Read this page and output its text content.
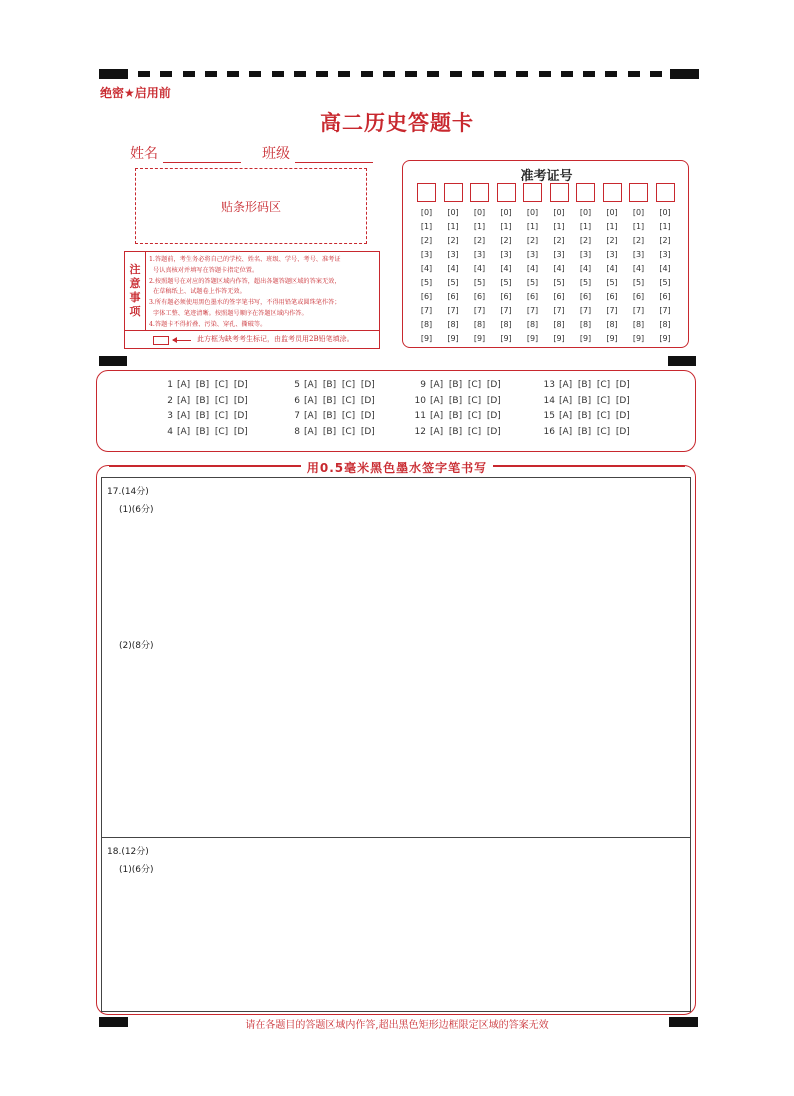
绝密★启用前
高二历史答题卡
姓名	班级
贴条形码区
注
意
事
项
1.答题前，考生务必将自己的学校、姓名、班级、学号、考号、准考证
号认真核对并填写在答题卡指定位置。
2.按照题号在对应的答题区域内作答，超出各题答题区域的答案无效，
在草稿纸上、试题卷上作答无效。
3.所有题必须使用黑色墨水的签字笔书写，不得用铅笔或圆珠笔作答；
字体工整、笔迹清晰。按照题号顺序在答题区域内作答。
4.答题卡不得折叠、污染、穿孔、撕破等。
此方框为缺考考生标记，由监考员用2B铅笔填涂。
准考证号
[0]
[1]
[2]
[3]
[4]
[5]
[6]
[7]
[8]
[9]
[0]
[1]
[2]
[3]
[4]
[5]
[6]
[7]
[8]
[9]
[0]
[1]
[2]
[3]
[4]
[5]
[6]
[7]
[8]
[9]
[0]
[1]
[2]
[3]
[4]
[5]
[6]
[7]
[8]
[9]
[0]
[1]
[2]
[3]
[4]
[5]
[6]
[7]
[8]
[9]
[0]
[1]
[2]
[3]
[4]
[5]
[6]
[7]
[8]
[9]
[0]
[1]
[2]
[3]
[4]
[5]
[6]
[7]
[8]
[9]
[0]
[1]
[2]
[3]
[4]
[5]
[6]
[7]
[8]
[9]
[0]
[1]
[2]
[3]
[4]
[5]
[6]
[7]
[8]
[9]
[0]
[1]
[2]
[3]
[4]
[5]
[6]
[7]
[8]
[9]
1 [A]  [B]  [C]  [D]
2 [A]  [B]  [C]  [D]
3 [A]  [B]  [C]  [D]
4 [A]  [B]  [C]  [D]
5 [A]  [B]  [C]  [D]
6 [A]  [B]  [C]  [D]
7 [A]  [B]  [C]  [D]
8 [A]  [B]  [C]  [D]
9 [A]  [B]  [C]  [D]
10 [A]  [B]  [C]  [D]
11 [A]  [B]  [C]  [D]
12 [A]  [B]  [C]  [D]
13 [A]  [B]  [C]  [D]
14 [A]  [B]  [C]  [D]
15 [A]  [B]  [C]  [D]
16 [A]  [B]  [C]  [D]
用0.5毫米黑色墨水签字笔书写
17.(14分)
(1)(6分)
(2)(8分)
18.(12分)
(1)(6分)
请在各题目的答题区域内作答,超出黑色矩形边框限定区域的答案无效
